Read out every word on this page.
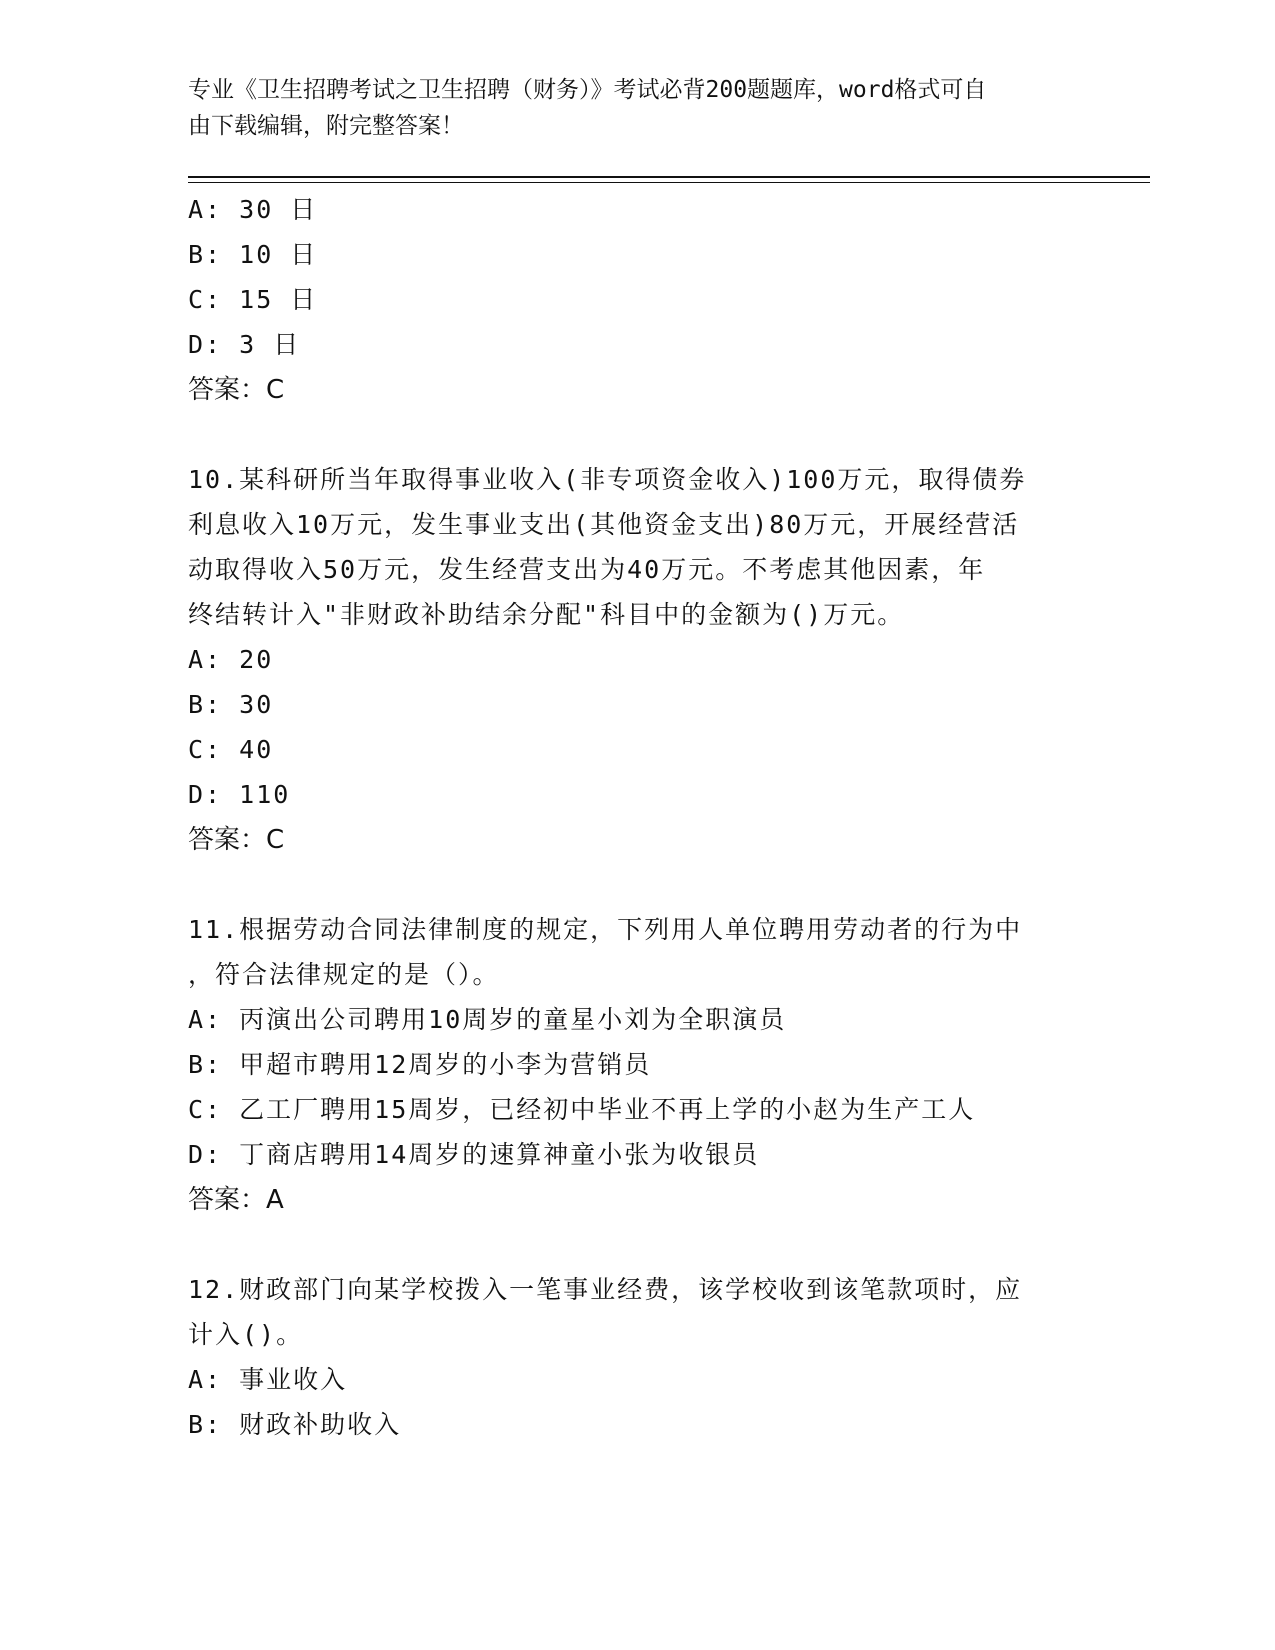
专业《卫生招聘考试之卫生招聘（财务）》考试必背200题题库，word格式可自
由下载编辑，附完整答案！
A: 30 日
B: 10 日
C: 15 日
D: 3 日
答案：C
10.某科研所当年取得事业收入(非专项资金收入)100万元，取得债券
利息收入10万元，发生事业支出(其他资金支出)80万元，开展经营活
动取得收入50万元，发生经营支出为40万元。不考虑其他因素，年
终结转计入"非财政补助结余分配"科目中的金额为()万元。
A: 20
B: 30
C: 40
D: 110
答案：C
11.根据劳动合同法律制度的规定，下列用人单位聘用劳动者的行为中
，符合法律规定的是（）。
A: 丙演出公司聘用10周岁的童星小刘为全职演员
B: 甲超市聘用12周岁的小李为营销员
C: 乙工厂聘用15周岁，已经初中毕业不再上学的小赵为生产工人
D: 丁商店聘用14周岁的速算神童小张为收银员
答案：A
12.财政部门向某学校拨入一笔事业经费，该学校收到该笔款项时，应
计入()。
A: 事业收入
B: 财政补助收入
